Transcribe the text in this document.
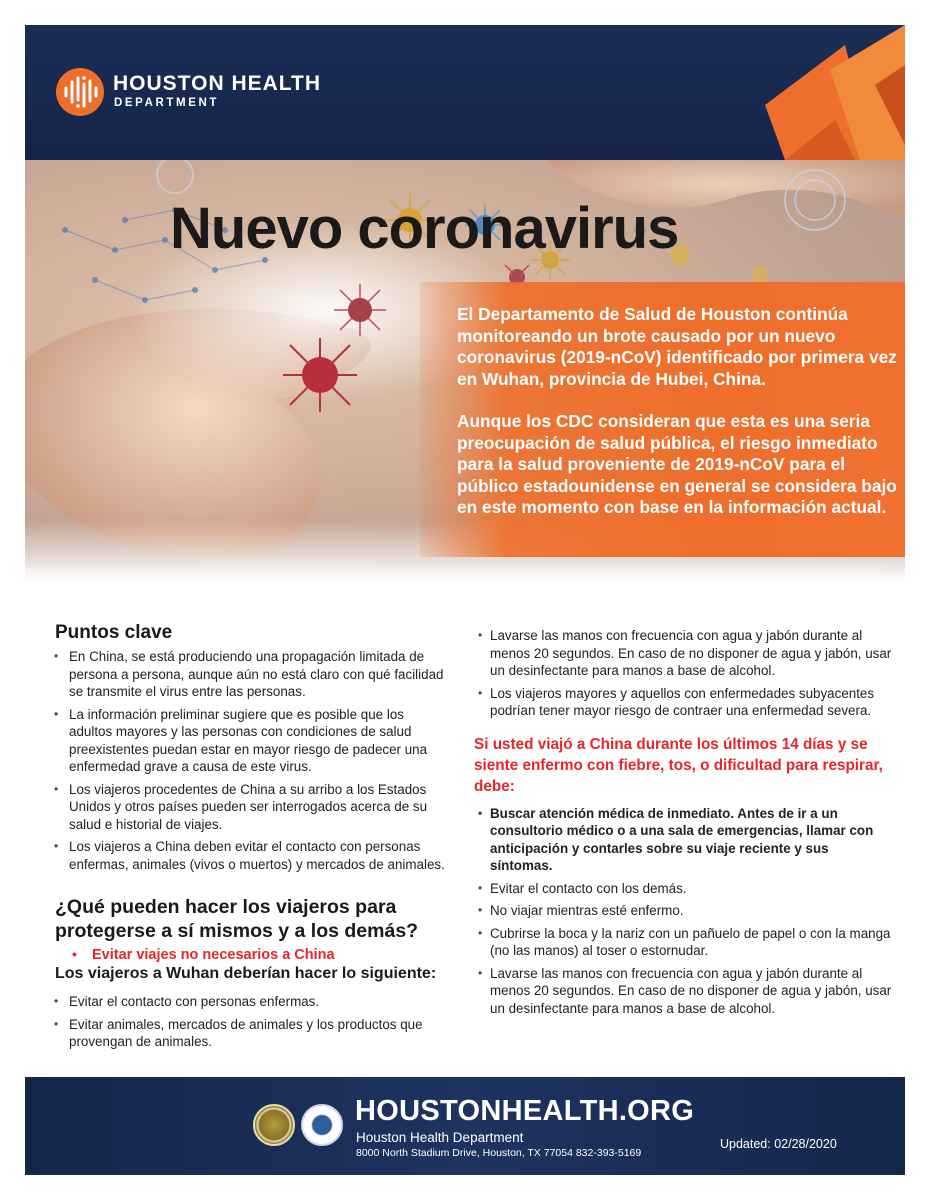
HOUSTON HEALTH
DEPARTMENT
Nuevo coronavirus

El Departamento de Salud de Houston continúa monitoreando un brote causado por un nuevo coronavirus (2019-nCoV) identificado por primera vez en Wuhan, provincia de Hubei, China.

Aunque los CDC consideran que esta es una seria preocupación de salud pública, el riesgo inmediato para la salud proveniente de 2019-nCoV para el público estadounidense en general se considera bajo en este momento con base en la información actual.

Puntos clave
• En China, se está produciendo una propagación limitada de persona a persona, aunque aún no está claro con qué facilidad se transmite el virus entre las personas.
• La información preliminar sugiere que es posible que los adultos mayores y las personas con condiciones de salud preexistentes puedan estar en mayor riesgo de padecer una enfermedad grave a causa de este virus.
• Los viajeros procedentes de China a su arribo a los Estados Unidos y otros países pueden ser interrogados acerca de su salud e historial de viajes.
• Los viajeros a China deben evitar el contacto con personas enfermas, animales (vivos o muertos) y mercados de animales.
¿Qué pueden hacer los viajeros para protegerse a sí mismos y a los demás?
• Evitar viajes no necesarios a China
Los viajeros a Wuhan deberían hacer lo siguiente:
• Evitar el contacto con personas enfermas.
• Evitar animales, mercados de animales y los productos que provengan de animales.
• Lavarse las manos con frecuencia con agua y jabón durante al menos 20 segundos. En caso de no disponer de agua y jabón, usar un desinfectante para manos a base de alcohol.
• Los viajeros mayores y aquellos con enfermedades subyacentes podrían tener mayor riesgo de contraer una enfermedad severa.
Si usted viajó a China durante los últimos 14 días y se siente enfermo con fiebre, tos, o dificultad para respirar, debe:
• Buscar atención médica de inmediato. Antes de ir a un consultorio médico o a una sala de emergencias, llamar con anticipación y contarles sobre su viaje reciente y sus síntomas.
• Evitar el contacto con los demás.
• No viajar mientras esté enfermo.
• Cubrirse la boca y la nariz con un pañuelo de papel o con la manga (no las manos) al toser o estornudar.
• Lavarse las manos con frecuencia con agua y jabón durante al menos 20 segundos. En caso de no disponer de agua y jabón, usar un desinfectante para manos a base de alcohol.
HOUSTONHEALTH.ORG
Houston Health Department
8000 North Stadium Drive, Houston, TX 77054 832-393-5169
Updated: 02/28/2020
